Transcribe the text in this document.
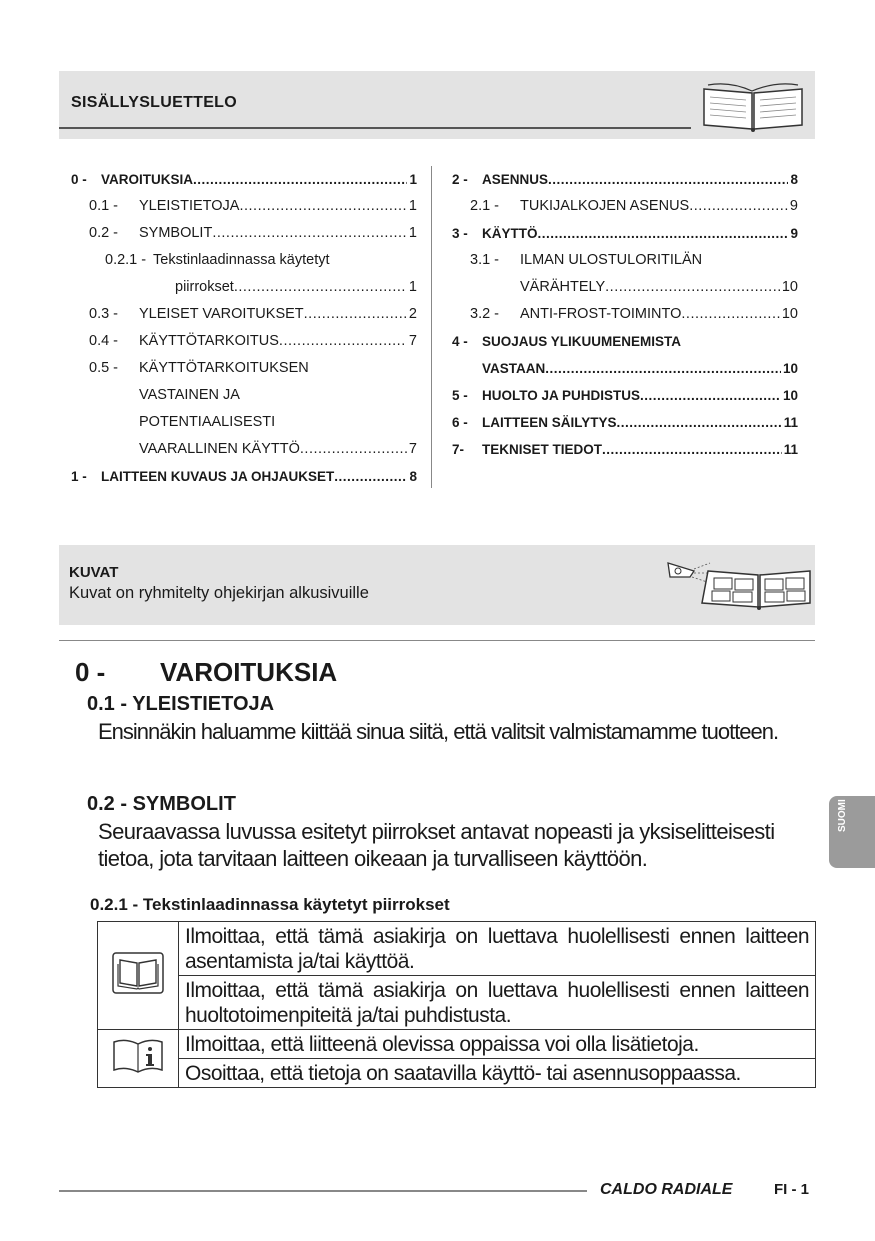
SISÄLLYSLUETTELO
0 -	VAROITUKSIA .....	1
0.1 -	YLEISTIETOJA .....	1
0.2 -	SYMBOLIT .....	1
0.2.1 - Tekstinlaadinnassa käytetyt
piirrokset .....	1
0.3 -	YLEISET VAROITUKSET .....	2
0.4 -	KÄYTTÖTARKOITUS .....	7
0.5 -	KÄYTTÖTARKOITUKSEN
VASTAINEN JA
POTENTIAALISESTI
VAARALLINEN KÄYTTÖ .....	7
1 -	LAITTEEN KUVAUS JA OHJAUKSET .....	8
2 -	ASENNUS .....	8
2.1 -	TUKIJALKOJEN ASENUS .....	9
3 -	KÄYTTÖ .....	9
3.1 -	ILMAN ULOSTULORITILÄN
VÄRÄHTELY .....	10
3.2 -	ANTI-FROST-TOIMINTO .....	10
4 -	SUOJAUS YLIKUUMENEMISTA
VASTAAN .....	10
5 -	HUOLTO JA PUHDISTUS .....	10
6 -	LAITTEEN SÄILYTYS .....	11
7-	TEKNISET TIEDOT .....	11
KUVAT
Kuvat on ryhmitelty ohjekirjan alkusivuille
0 - VAROITUKSIA
0.1 - YLEISTIETOJA
Ensinnäkin haluamme kiittää sinua siitä, että valitsit valmistamamme tuotteen.
0.2 - SYMBOLIT
Seuraavassa luvussa esitetyt piirrokset antavat nopeasti ja yksiselitteisesti tietoa, jota tarvitaan laitteen oikeaan ja turvalliseen käyttöön.
0.2.1 - Tekstinlaadinnassa käytetyt piirrokset
	Ilmoittaa, että tämä asiakirja on luettava huolellisesti ennen laitteen asentamista ja/tai käyttöä.
	Ilmoittaa, että tämä asiakirja on luettava huolellisesti ennen laitteen huoltotoimenpiteitä ja/tai puhdistusta.
	Ilmoittaa, että liitteenä olevissa oppaissa voi olla lisätietoja.
	Osoittaa, että tietoja on saatavilla käyttö- tai asennusoppaassa.
SUOMI
CALDO RADIALE	FI - 1
